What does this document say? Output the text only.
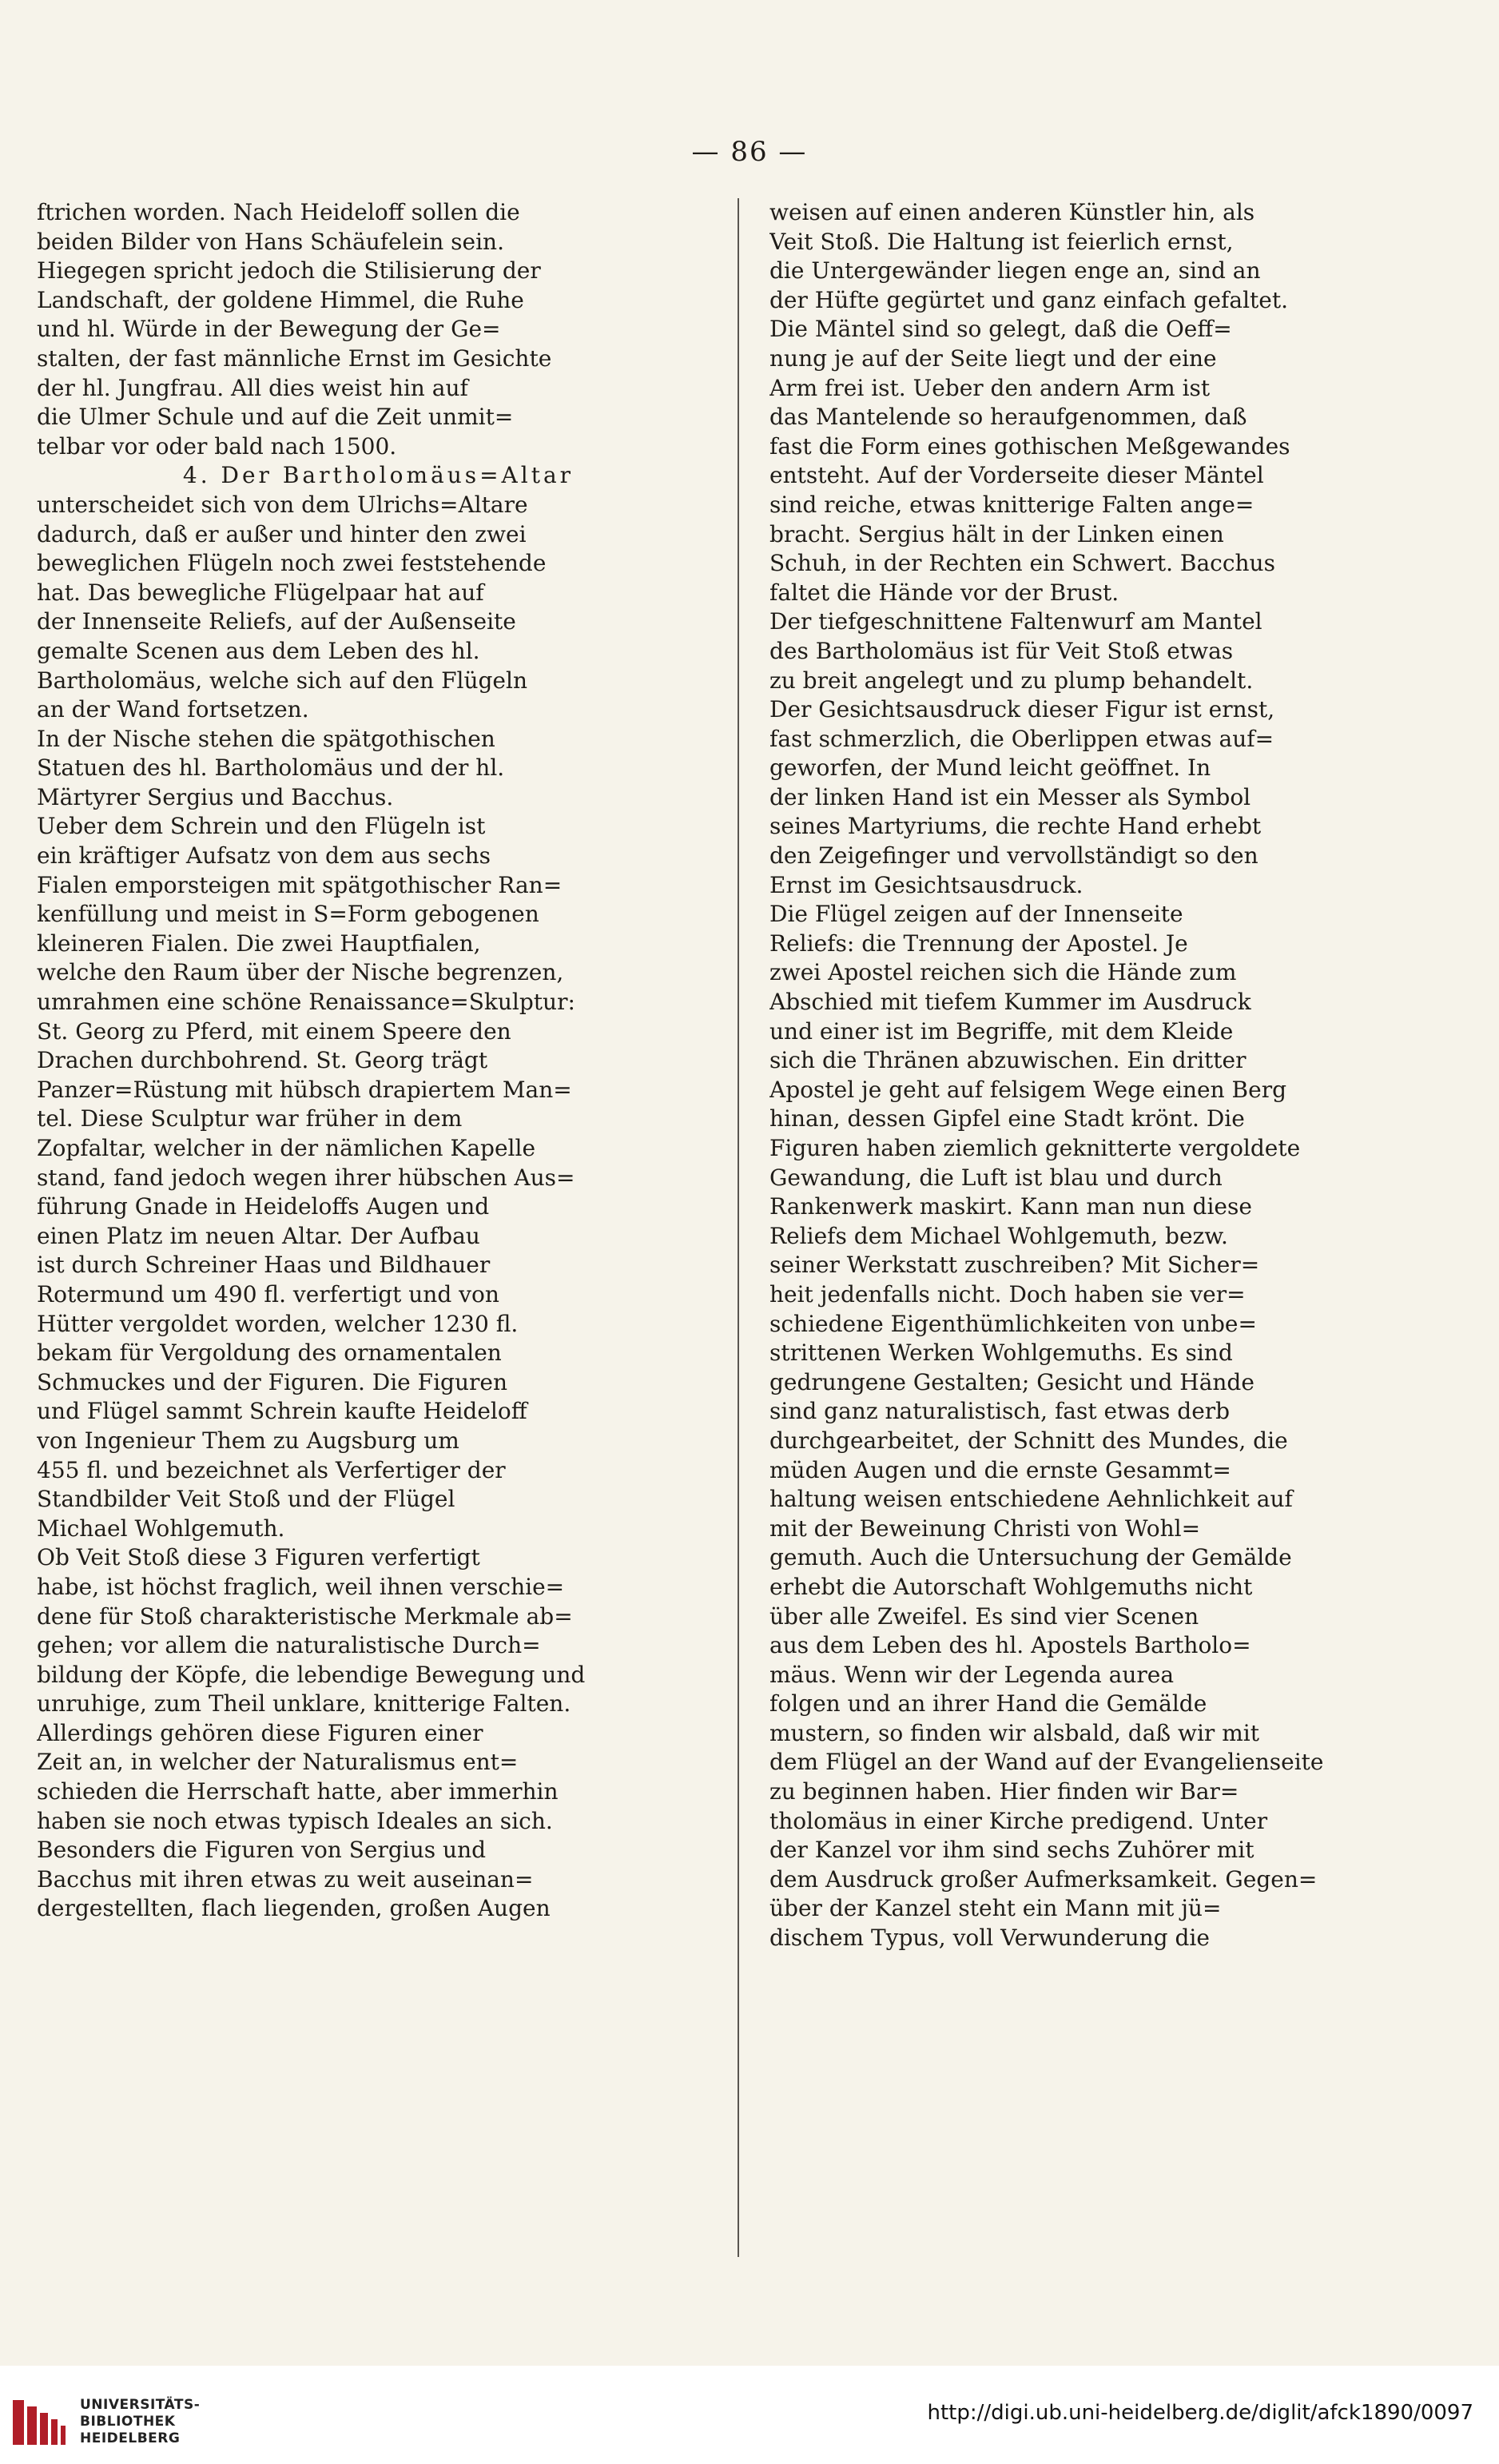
— 86 —
ftrichen worden. Nach Heideloff sollen die
beiden Bilder von Hans Schäufelein sein.
Hiegegen spricht jedoch die Stilisierung der
Landschaft, der goldene Himmel, die Ruhe
und hl. Würde in der Bewegung der Ge=
stalten, der fast männliche Ernst im Gesichte
der hl. Jungfrau. All dies weist hin auf
die Ulmer Schule und auf die Zeit unmit=
telbar vor oder bald nach 1500.
4. Der Bartholomäus=Altar
unterscheidet sich von dem Ulrichs=Altare
dadurch, daß er außer und hinter den zwei
beweglichen Flügeln noch zwei feststehende
hat. Das bewegliche Flügelpaar hat auf
der Innenseite Reliefs, auf der Außenseite
gemalte Scenen aus dem Leben des hl.
Bartholomäus, welche sich auf den Flügeln
an der Wand fortsetzen.
In der Nische stehen die spätgothischen
Statuen des hl. Bartholomäus und der hl.
Märtyrer Sergius und Bacchus.
Ueber dem Schrein und den Flügeln ist
ein kräftiger Aufsatz von dem aus sechs
Fialen emporsteigen mit spätgothischer Ran=
kenfüllung und meist in S=Form gebogenen
kleineren Fialen. Die zwei Hauptfialen,
welche den Raum über der Nische begrenzen,
umrahmen eine schöne Renaissance=Skulptur:
St. Georg zu Pferd, mit einem Speere den
Drachen durchbohrend. St. Georg trägt
Panzer=Rüstung mit hübsch drapiertem Man=
tel. Diese Sculptur war früher in dem
Zopfaltar, welcher in der nämlichen Kapelle
stand, fand jedoch wegen ihrer hübschen Aus=
führung Gnade in Heideloffs Augen und
einen Platz im neuen Altar. Der Aufbau
ist durch Schreiner Haas und Bildhauer
Rotermund um 490 fl. verfertigt und von
Hütter vergoldet worden, welcher 1230 fl.
bekam für Vergoldung des ornamentalen
Schmuckes und der Figuren. Die Figuren
und Flügel sammt Schrein kaufte Heideloff
von Ingenieur Them zu Augsburg um
455 fl. und bezeichnet als Verfertiger der
Standbilder Veit Stoß und der Flügel
Michael Wohlgemuth.
Ob Veit Stoß diese 3 Figuren verfertigt
habe, ist höchst fraglich, weil ihnen verschie=
dene für Stoß charakteristische Merkmale ab=
gehen; vor allem die naturalistische Durch=
bildung der Köpfe, die lebendige Bewegung und
unruhige, zum Theil unklare, knitterige Falten.
Allerdings gehören diese Figuren einer
Zeit an, in welcher der Naturalismus ent=
schieden die Herrschaft hatte, aber immerhin
haben sie noch etwas typisch Ideales an sich.
Besonders die Figuren von Sergius und
Bacchus mit ihren etwas zu weit auseinan=
dergestellten, flach liegenden, großen Augen
weisen auf einen anderen Künstler hin, als
Veit Stoß. Die Haltung ist feierlich ernst,
die Untergewänder liegen enge an, sind an
der Hüfte gegürtet und ganz einfach gefaltet.
Die Mäntel sind so gelegt, daß die Oeff=
nung je auf der Seite liegt und der eine
Arm frei ist. Ueber den andern Arm ist
das Mantelende so heraufgenommen, daß
fast die Form eines gothischen Meßgewandes
entsteht. Auf der Vorderseite dieser Mäntel
sind reiche, etwas knitterige Falten ange=
bracht. Sergius hält in der Linken einen
Schuh, in der Rechten ein Schwert. Bacchus
faltet die Hände vor der Brust.
Der tiefgeschnittene Faltenwurf am Mantel
des Bartholomäus ist für Veit Stoß etwas
zu breit angelegt und zu plump behandelt.
Der Gesichtsausdruck dieser Figur ist ernst,
fast schmerzlich, die Oberlippen etwas auf=
geworfen, der Mund leicht geöffnet. In
der linken Hand ist ein Messer als Symbol
seines Martyriums, die rechte Hand erhebt
den Zeigefinger und vervollständigt so den
Ernst im Gesichtsausdruck.
Die Flügel zeigen auf der Innenseite
Reliefs: die Trennung der Apostel. Je
zwei Apostel reichen sich die Hände zum
Abschied mit tiefem Kummer im Ausdruck
und einer ist im Begriffe, mit dem Kleide
sich die Thränen abzuwischen. Ein dritter
Apostel je geht auf felsigem Wege einen Berg
hinan, dessen Gipfel eine Stadt krönt. Die
Figuren haben ziemlich geknitterte vergoldete
Gewandung, die Luft ist blau und durch
Rankenwerk maskirt. Kann man nun diese
Reliefs dem Michael Wohlgemuth, bezw.
seiner Werkstatt zuschreiben? Mit Sicher=
heit jedenfalls nicht. Doch haben sie ver=
schiedene Eigenthümlichkeiten von unbe=
strittenen Werken Wohlgemuths. Es sind
gedrungene Gestalten; Gesicht und Hände
sind ganz naturalistisch, fast etwas derb
durchgearbeitet, der Schnitt des Mundes, die
müden Augen und die ernste Gesammt=
haltung weisen entschiedene Aehnlichkeit auf
mit der Beweinung Christi von Wohl=
gemuth. Auch die Untersuchung der Gemälde
erhebt die Autorschaft Wohlgemuths nicht
über alle Zweifel. Es sind vier Scenen
aus dem Leben des hl. Apostels Bartholo=
mäus. Wenn wir der Legenda aurea
folgen und an ihrer Hand die Gemälde
mustern, so finden wir alsbald, daß wir mit
dem Flügel an der Wand auf der Evangelienseite
zu beginnen haben. Hier finden wir Bar=
tholomäus in einer Kirche predigend. Unter
der Kanzel vor ihm sind sechs Zuhörer mit
dem Ausdruck großer Aufmerksamkeit. Gegen=
über der Kanzel steht ein Mann mit jü=
dischem Typus, voll Verwunderung die
UNIVERSITÄTS-
BIBLIOTHEK
HEIDELBERG
http://digi.ub.uni-heidelberg.de/diglit/afck1890/0097
